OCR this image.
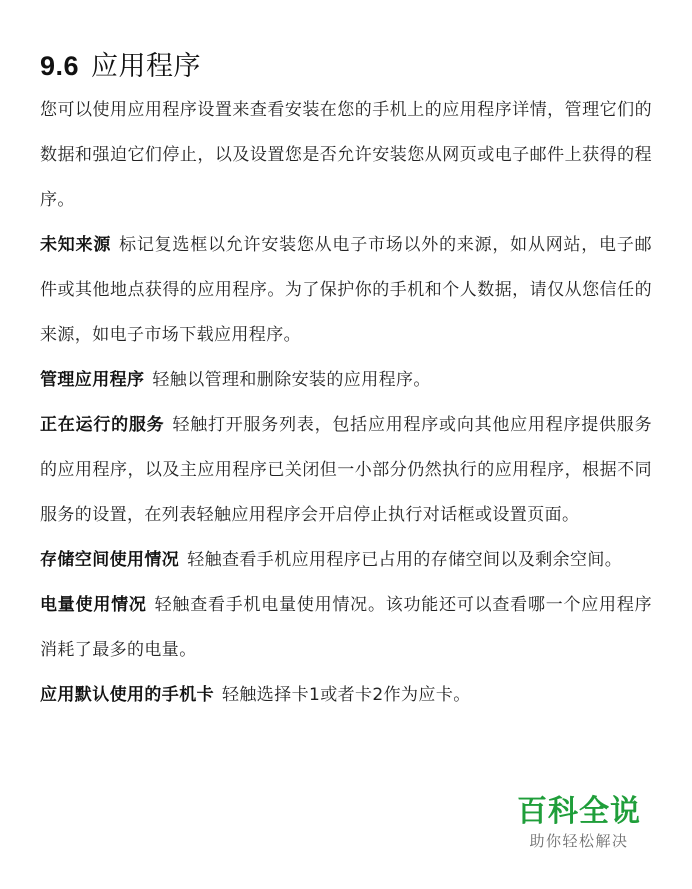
9.6 应用程序

您可以使用应用程序设置来查看安装在您的手机上的应用程序详情，管理它们的数据和强迫它们停止，以及设置您是否允许安装您从网页或电子邮件上获得的程序。

未知来源 标记复选框以允许安装您从电子市场以外的来源，如从网站，电子邮件或其他地点获得的应用程序。为了保护你的手机和个人数据，请仅从您信任的来源，如电子市场下载应用程序。

管理应用程序 轻触以管理和删除安装的应用程序。

正在运行的服务 轻触打开服务列表，包括应用程序或向其他应用程序提供服务的应用程序，以及主应用程序已关闭但一小部分仍然执行的应用程序，根据不同服务的设置，在列表轻触应用程序会开启停止执行对话框或设置页面。

存储空间使用情况 轻触查看手机应用程序已占用的存储空间以及剩余空间。

电量使用情况 轻触查看手机电量使用情况。该功能还可以查看哪一个应用程序消耗了最多的电量。

应用默认使用的手机卡 轻触选择卡1或者卡2作为应卡。

百科全说
助你轻松解决
